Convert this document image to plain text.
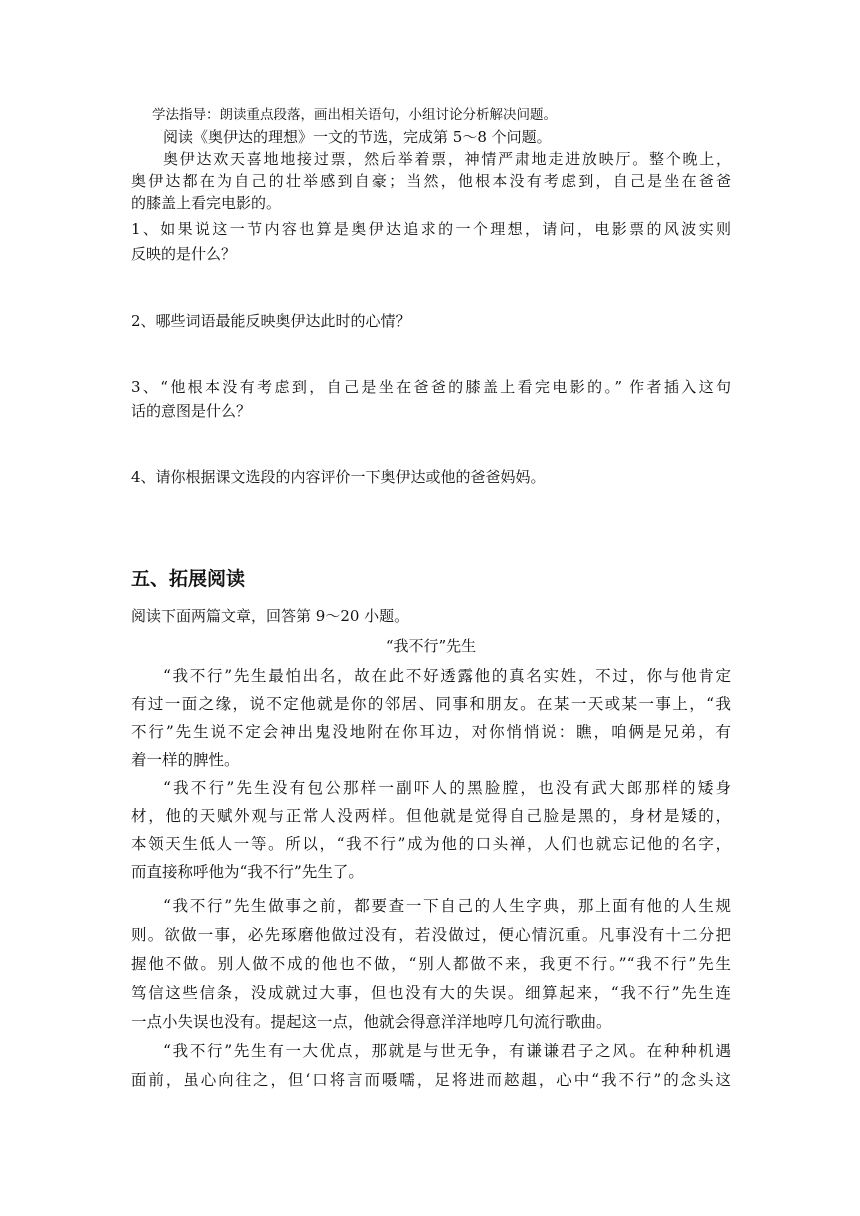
学法指导：朗读重点段落，画出相关语句，小组讨论分析解决问题。
阅读《奥伊达的理想》一文的节选，完成第 5～8 个问题。
奥伊达欢天喜地地接过票，然后举着票，神情严肃地走进放映厅。整个晚上，
奥伊达都在为自己的壮举感到自豪；当然，他根本没有考虑到，自己是坐在爸爸
的膝盖上看完电影的。
1、如果说这一节内容也算是奥伊达追求的一个理想，请问，电影票的风波实则
反映的是什么？
2、哪些词语最能反映奥伊达此时的心情？
3、“他根本没有考虑到，自己是坐在爸爸的膝盖上看完电影的。” 作者插入这句
话的意图是什么？
4、请你根据课文选段的内容评价一下奥伊达或他的爸爸妈妈。
五、拓展阅读
阅读下面两篇文章，回答第 9～20 小题。
“我不行”先生
“我不行”先生最怕出名，故在此不好透露他的真名实姓，不过，你与他肯定
有过一面之缘，说不定他就是你的邻居、同事和朋友。在某一天或某一事上，“我
不行”先生说不定会神出鬼没地附在你耳边，对你悄悄说：瞧，咱俩是兄弟，有
着一样的脾性。
“我不行”先生没有包公那样一副吓人的黑脸膛，也没有武大郎那样的矮身
材，他的天赋外观与正常人没两样。但他就是觉得自己脸是黑的，身材是矮的，
本领天生低人一等。所以，“我不行”成为他的口头禅，人们也就忘记他的名字，
而直接称呼他为“我不行”先生了。
“我不行”先生做事之前，都要查一下自己的人生字典，那上面有他的人生规
则。欲做一事，必先琢磨他做过没有，若没做过，便心情沉重。凡事没有十二分把
握他不做。别人做不成的他也不做，“别人都做不来，我更不行。”“我不行”先生
笃信这些信条，没成就过大事，但也没有大的失误。细算起来，“我不行”先生连
一点小失误也没有。提起这一点，他就会得意洋洋地哼几句流行歌曲。
“我不行”先生有一大优点，那就是与世无争，有谦谦君子之风。在种种机遇
面前，虽心向往之，但‘口将言而嗫嚅，足将进而趑趄，心中“我不行”的念头这
